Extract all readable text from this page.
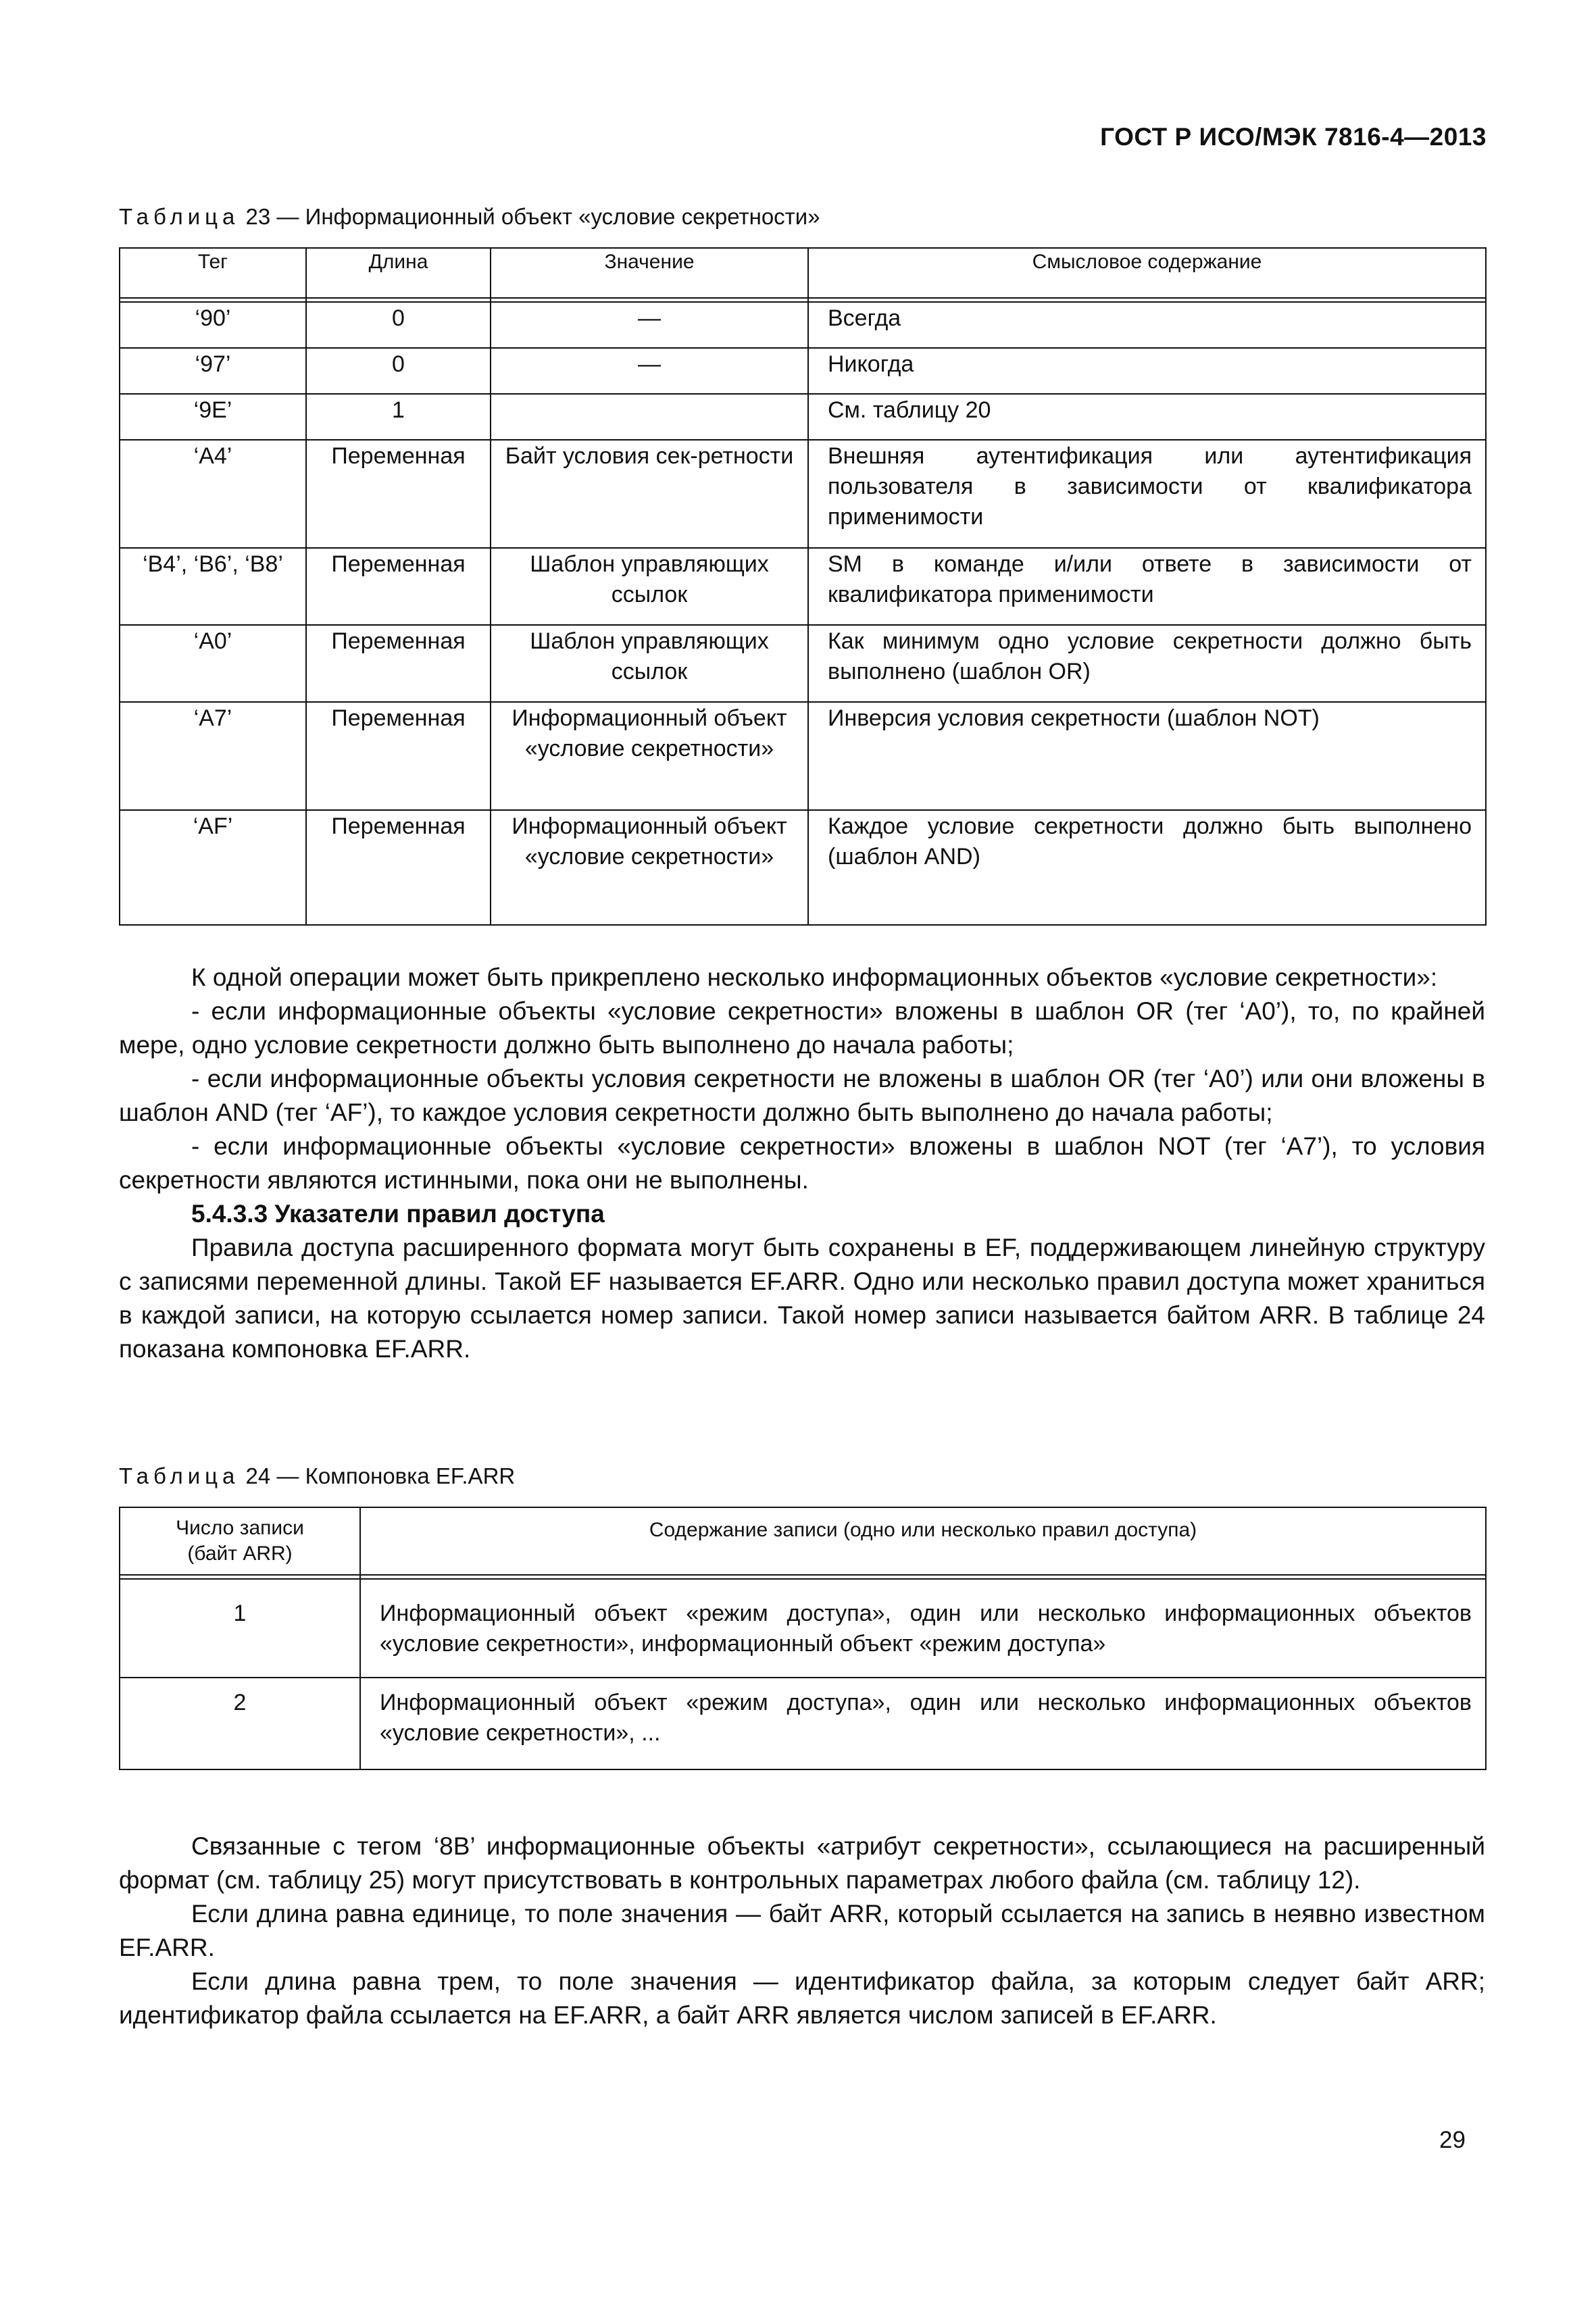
ГОСТ Р ИСО/МЭК 7816-4—2013
Таблица 23 — Информационный объект «условие секретности»
Тег	Длина	Значение	Смысловое содержание

‘90’	0	—	Всегда
‘97’	0	—	Никогда
‘9E’	1		См. таблицу 20
‘A4’	Переменная	Байт условия сек-ретности	Внешняя аутентификация или аутентификация пользователя в зависимости от квалификатора применимости
‘B4’, ‘B6’, ‘B8’	Переменная	Шаблон управляющих ссылок	SM в команде и/или ответе в зависимости от квалификатора применимости
‘A0’	Переменная	Шаблон управляющих ссылок	Как минимум одно условие секретности должно быть выполнено (шаблон OR)
‘A7’	Переменная	Информационный объект «условие секретности»	Инверсия условия секретности (шаблон NOT)
‘AF’	Переменная	Информационный объект «условие секретности»	Каждое условие секретности должно быть выполнено (шаблон AND)
К одной операции может быть прикреплено несколько информационных объектов «условие секретности»:
- если информационные объекты «условие секретности» вложены в шаблон OR (тег ‘A0’), то, по крайней мере, одно условие секретности должно быть выполнено до начала работы;
- если информационные объекты условия секретности не вложены в шаблон OR (тег ‘A0’) или они вложены в шаблон AND (тег ‘AF’), то каждое условия секретности должно быть выполнено до начала работы;
- если информационные объекты «условие секретности» вложены в шаблон NOT (тег ‘A7’), то условия секретности являются истинными, пока они не выполнены.
5.4.3.3 Указатели правил доступа
Правила доступа расширенного формата могут быть сохранены в EF, поддерживающем линейную структуру с записями переменной длины. Такой EF называется EF.ARR. Одно или несколько правил доступа может храниться в каждой записи, на которую ссылается номер записи. Такой номер записи называется байтом ARR. В таблице 24 показана компоновка EF.ARR.
Таблица 24 — Компоновка EF.ARR
Число записи
(байт ARR)	Содержание записи (одно или несколько правил доступа)

1	Информационный объект «режим доступа», один или несколько информационных объектов «условие секретности», информационный объект «режим доступа»
2	Информационный объект «режим доступа», один или несколько информационных объектов «условие секретности», ...
Связанные с тегом ‘8B’ информационные объекты «атрибут секретности», ссылающиеся на расширенный формат (см. таблицу 25) могут присутствовать в контрольных параметрах любого файла (см. таблицу 12).
Если длина равна единице, то поле значения — байт ARR, который ссылается на запись в неявно известном EF.ARR.
Если длина равна трем, то поле значения — идентификатор файла, за которым следует байт ARR; идентификатор файла ссылается на EF.ARR, а байт ARR является числом записей в EF.ARR.
29
